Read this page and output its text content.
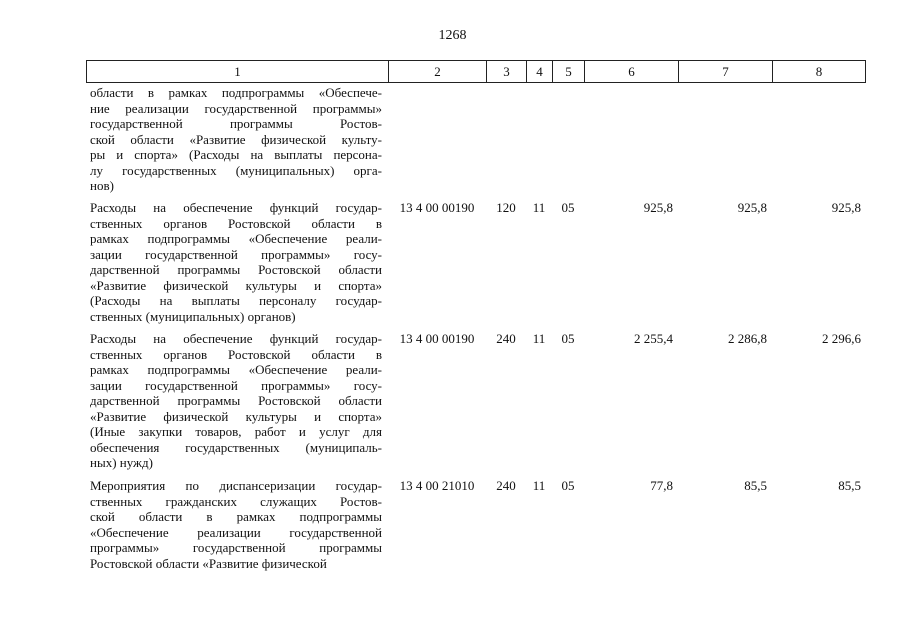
1268
1	2	3	4	5	6	7	8
области в рамках подпрограммы «Обеспече-
ние реализации государственной программы»
государственной программы Ростов-
ской области «Развитие физической культу-
ры и спорта» (Расходы на выплаты персона-
лу государственных (муниципальных) орга-
нов)
Расходы на обеспечение функций государ-
ственных органов Ростовской области в
рамках подпрограммы «Обеспечение реали-
зации государственной программы» госу-
дарственной программы Ростовской области
«Развитие физической культуры и спорта»
(Расходы на выплаты персоналу государ-
ственных (муниципальных) органов)
13 4 00 00190	120	11	05	925,8	925,8	925,8
Расходы на обеспечение функций государ-
ственных органов Ростовской области в
рамках подпрограммы «Обеспечение реали-
зации государственной программы» госу-
дарственной программы Ростовской области
«Развитие физической культуры и спорта»
(Иные закупки товаров, работ и услуг для
обеспечения государственных (муниципаль-
ных) нужд)
13 4 00 00190	240	11	05	2 255,4	2 286,8	2 296,6
Мероприятия по диспансеризации государ-
ственных гражданских служащих Ростов-
ской области в рамках подпрограммы
«Обеспечение реализации государственной
программы» государственной программы
Ростовской области «Развитие физической
13 4 00 21010	240	11	05	77,8	85,5	85,5
